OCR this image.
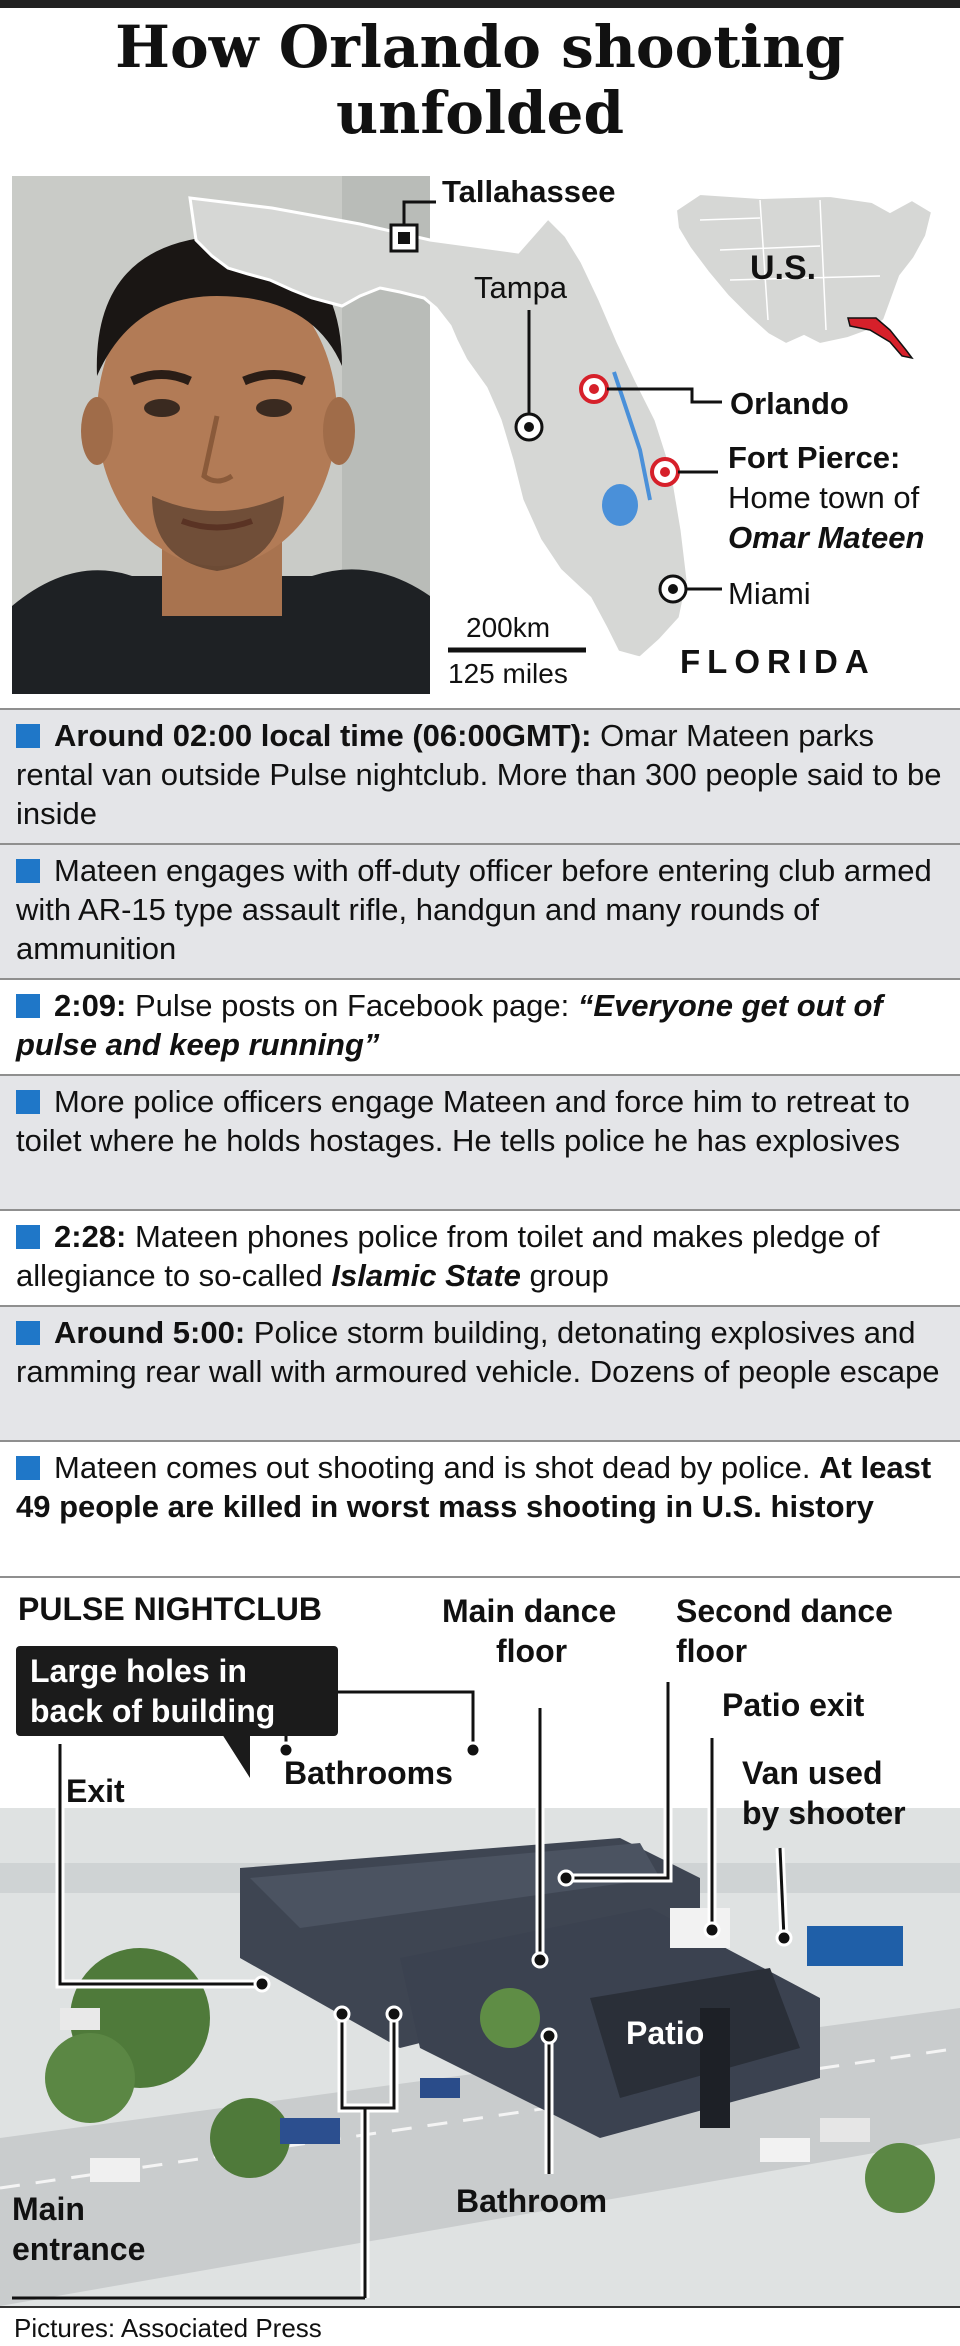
How Orlando shooting
unfolded
Tallahassee
Tampa
Orlando
Fort Pierce:
Home town of
Omar Mateen
Miami
U.S.
200km
125 miles	FLORIDA
Around 02:00 local time (06:00GMT): Omar Mateen parks rental van outside Pulse nightclub. More than 300 people said to be inside
Mateen engages with off-duty officer before entering club armed with AR-15 type assault rifle, handgun and many rounds of ammunition
2:09: Pulse posts on Facebook page: “Everyone get out of pulse and keep running”
More police officers engage Mateen and force him to retreat to toilet where he holds hostages. He tells police he has explosives
2:28: Mateen phones police from toilet and makes pledge of allegiance to so-called Islamic State group
Around 5:00: Police storm building, detonating explosives and ramming rear wall with armoured vehicle. Dozens of people escape
Mateen comes out shooting and is shot dead by police. At least 49 people are killed in worst mass shooting in U.S. history
PULSE NIGHTCLUB
Large holes in
back of building
Exit	Bathrooms
Main dance
floor
Second dance
floor
Patio exit
Van used
by shooter
Patio
Bathroom
Main
entrance
Pictures: Associated Press
